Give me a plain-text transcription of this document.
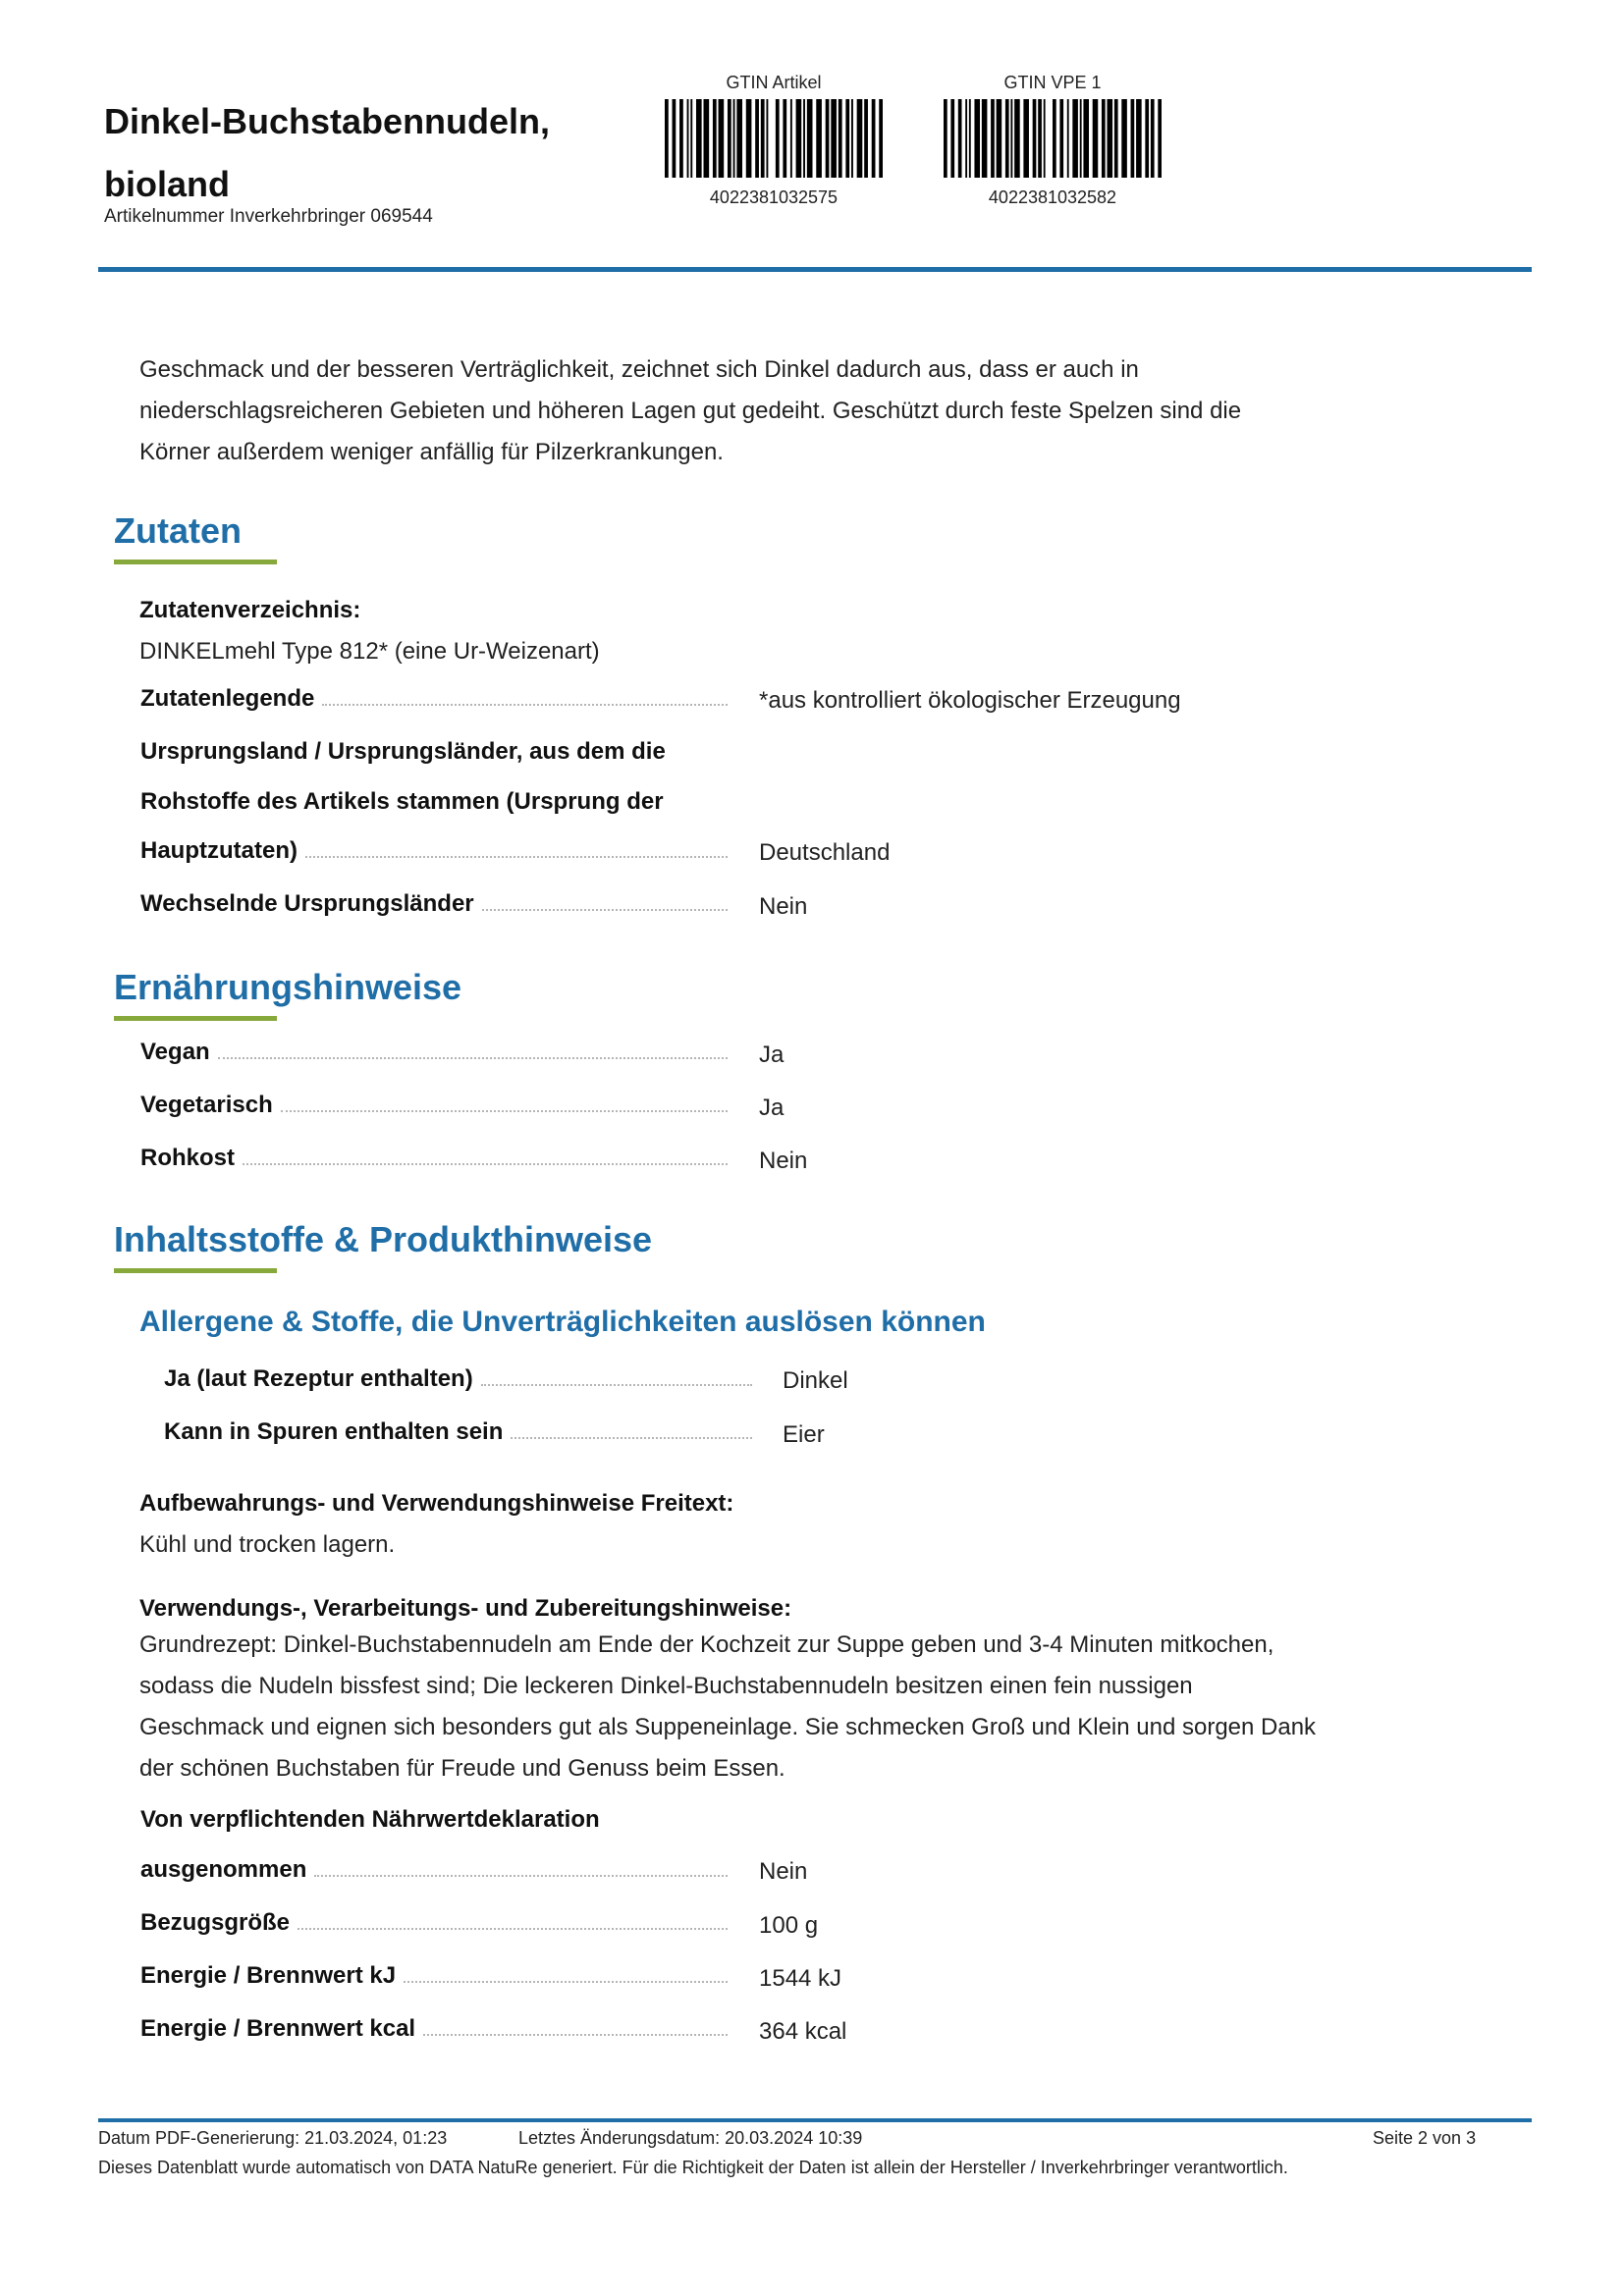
Dinkel-Buchstabennudeln,
bioland
Artikelnummer Inverkehrbringer 069544
GTIN Artikel
4022381032575
GTIN VPE 1
4022381032582
Geschmack und der besseren Verträglichkeit, zeichnet sich Dinkel dadurch aus, dass er auch in
niederschlagsreicheren Gebieten und höheren Lagen gut gedeiht. Geschützt durch feste Spelzen sind die
Körner außerdem weniger anfällig für Pilzerkrankungen.
Zutaten
Zutatenverzeichnis:
DINKELmehl Type 812* (eine Ur-Weizenart)
Zutatenlegende	*aus kontrolliert ökologischer Erzeugung
Ursprungsland / Ursprungsländer, aus dem die
Rohstoffe des Artikels stammen (Ursprung der
Hauptzutaten)	Deutschland
Wechselnde Ursprungsländer	Nein
Ernährungshinweise
Vegan	Ja
Vegetarisch	Ja
Rohkost	Nein
Inhaltsstoffe & Produkthinweise
Allergene & Stoffe, die Unverträglichkeiten auslösen können
Ja (laut Rezeptur enthalten)	Dinkel
Kann in Spuren enthalten sein	Eier
Aufbewahrungs- und Verwendungshinweise Freitext:
Kühl und trocken lagern.
Verwendungs-, Verarbeitungs- und Zubereitungshinweise:
Grundrezept: Dinkel-Buchstabennudeln am Ende der Kochzeit zur Suppe geben und 3-4 Minuten mitkochen,
sodass die Nudeln bissfest sind; Die leckeren Dinkel-Buchstabennudeln besitzen einen fein nussigen
Geschmack und eignen sich besonders gut als Suppeneinlage. Sie schmecken Groß und Klein und sorgen Dank
der schönen Buchstaben für Freude und Genuss beim Essen.
Von verpflichtenden Nährwertdeklaration
ausgenommen	Nein
Bezugsgröße	100 g
Energie / Brennwert kJ	1544 kJ
Energie / Brennwert kcal	364 kcal
Datum PDF-Generierung: 21.03.2024, 01:23	Letztes Änderungsdatum: 20.03.2024 10:39	Seite 2 von 3
Dieses Datenblatt wurde automatisch von DATA NatuRe generiert. Für die Richtigkeit der Daten ist allein der Hersteller / Inverkehrbringer verantwortlich.
